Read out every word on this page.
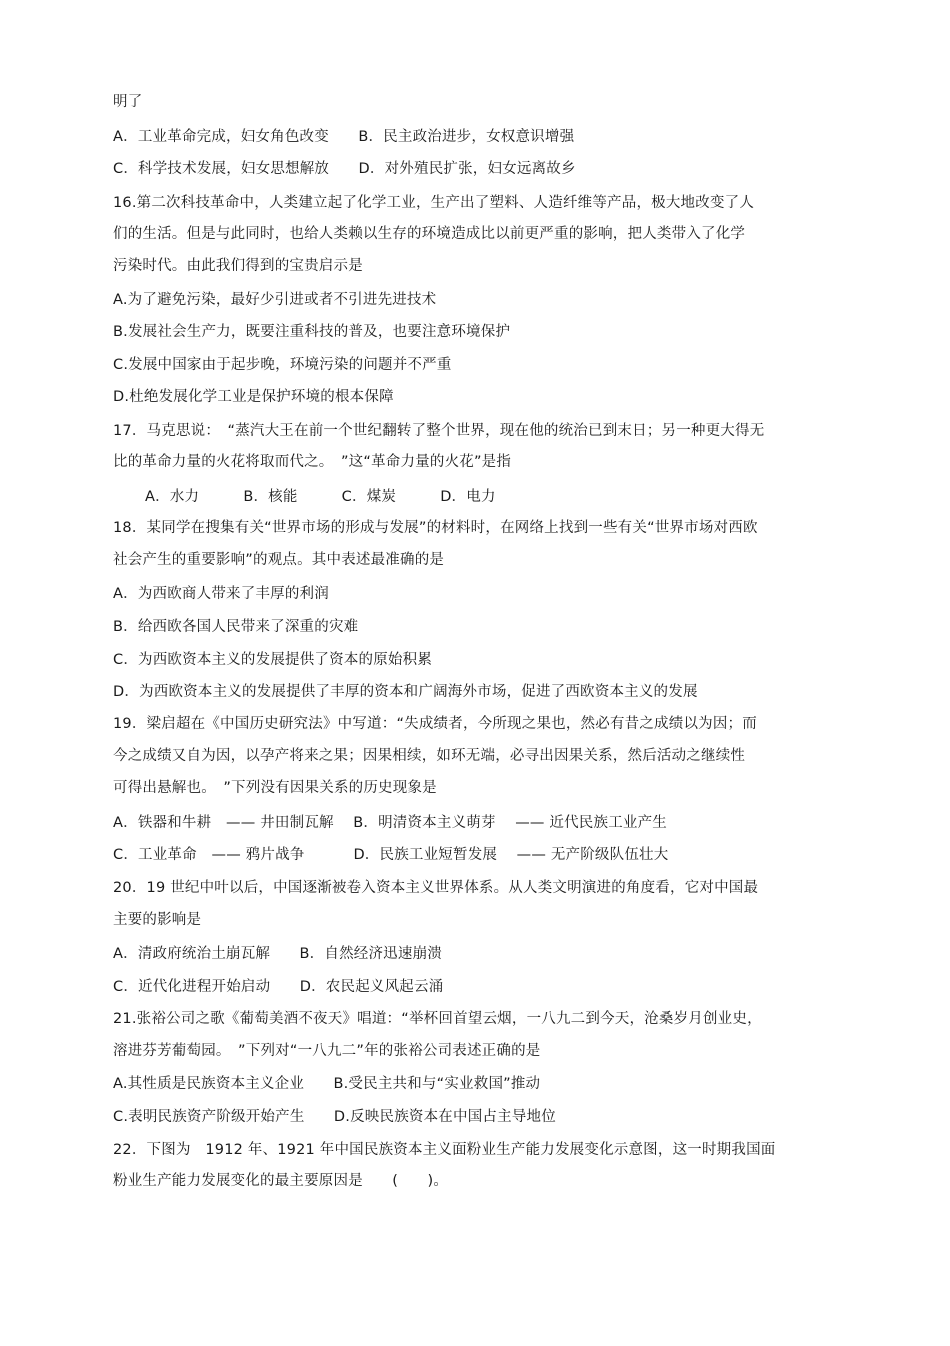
明了
A．工业革命完成，妇女角色改变　　B．民主政治进步，女权意识增强
C．科学技术发展，妇女思想解放　　D．对外殖民扩张，妇女远离故乡
16.第二次科技革命中，人类建立起了化学工业，生产出了塑料、人造纤维等产品，极大地改变了人
们的生活。但是与此同时，也给人类赖以生存的环境造成比以前更严重的影响，把人类带入了化学
污染时代。由此我们得到的宝贵启示是
A.为了避免污染，最好少引进或者不引进先进技术
B.发展社会生产力，既要注重科技的普及，也要注意环境保护
C.发展中国家由于起步晚，环境污染的问题并不严重
D.杜绝发展化学工业是保护环境的根本保障
17．马克思说：　“蒸汽大王在前一个世纪翻转了整个世界，现在他的统治已到末日；另一种更大得无
比的革命力量的火花将取而代之。　”这“革命力量的火花”是指
A．水力　　　B．核能　　　C．煤炭　　　D．电力
18．某同学在搜集有关“世界市场的形成与发展”的材料时，在网络上找到一些有关“世界市场对西欧
社会产生的重要影响”的观点。其中表述最准确的是
A．为西欧商人带来了丰厚的利润
B．给西欧各国人民带来了深重的灾难
C．为西欧资本主义的发展提供了资本的原始积累
D．为西欧资本主义的发展提供了丰厚的资本和广阔海外市场，促进了西欧资本主义的发展
19．梁启超在《中国历史研究法》中写道：“失成绩者，今所现之果也，然必有昔之成绩以为因；而
今之成绩又自为因，以孕产将来之果；因果相续，如环无端，必寻出因果关系，然后活动之继续性
可得出悬解也。　”下列没有因果关系的历史现象是
A．铁器和牛耕　—— 井田制瓦解　 B．明清资本主义萌芽　 —— 近代民族工业产生
C．工业革命　—— 鸦片战争　　　 D．民族工业短暂发展　 —— 无产阶级队伍壮大
20．19 世纪中叶以后，中国逐渐被卷入资本主义世界体系。从人类文明演进的角度看，它对中国最
主要的影响是
A．清政府统治土崩瓦解　　B．自然经济迅速崩溃
C．近代化进程开始启动　　D．农民起义风起云涌
21.张裕公司之歌《葡萄美酒不夜天》唱道：“举杯回首望云烟，一八九二到今天，沧桑岁月创业史，
溶进芬芳葡萄园。　”下列对“一八九二”年的张裕公司表述正确的是
A.其性质是民族资本主义企业　　B.受民主共和与“实业救国”推动
C.表明民族资产阶级开始产生　　D.反映民族资本在中国占主导地位
22．下图为　1912 年、1921 年中国民族资本主义面粉业生产能力发展变化示意图，这一时期我国面
粉业生产能力发展变化的最主要原因是　　(　　)。
